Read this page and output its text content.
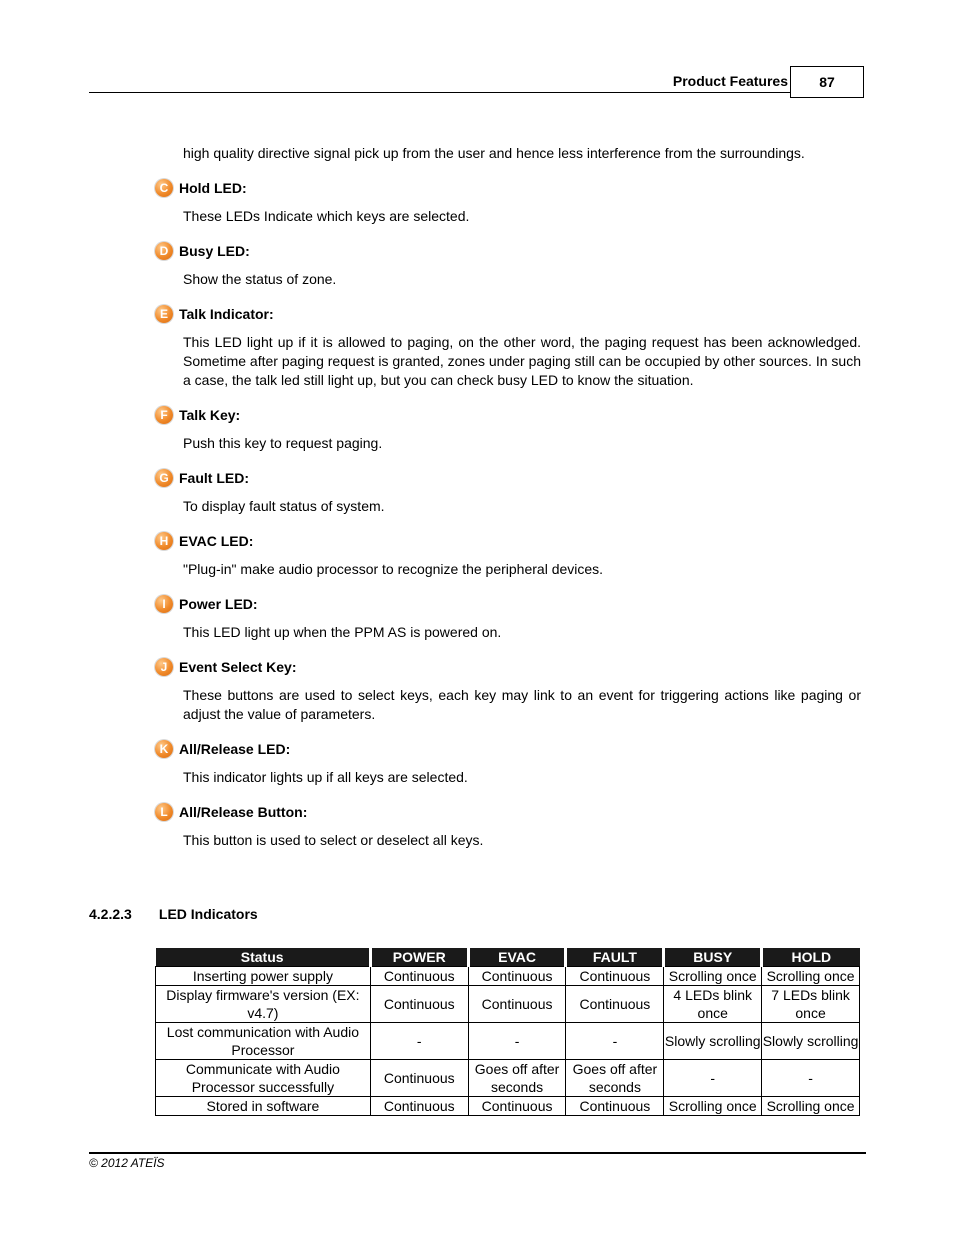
Product Features	87

high quality directive signal pick up from the user and hence less interference from the surroundings.

C Hold LED:
These LEDs Indicate which keys are selected.
D Busy LED:
Show the status of zone.
E Talk Indicator:
This LED light up if it is allowed to paging, on the other word, the paging request has been acknowledged. Sometime after paging request is granted, zones under paging still can be occupied by other sources. In such a case, the talk led still light up, but you can check busy LED to know the situation.
F Talk Key:
Push this key to request paging.
G Fault LED:
To display fault status of system.
H EVAC LED:
"Plug-in" make audio processor to recognize the peripheral devices.
I Power LED:
This LED light up when the PPM AS is powered on.
J Event Select Key:
These buttons are used to select keys, each key may link to an event for triggering actions like paging or adjust the value of parameters.
K All/Release LED:
This indicator lights up if all keys are selected.
L All/Release Button:
This button is used to select or deselect all keys.
4.2.2.3 LED Indicators
Status	POWER	EVAC	FAULT	BUSY	HOLD
Inserting power supply	Continuous	Continuous	Continuous	Scrolling once	Scrolling once
Display firmware's version (EX: v4.7)	Continuous	Continuous	Continuous	4 LEDs blink once	7 LEDs blink once
Lost communication with Audio Processor	-	-	-	Slowly scrolling	Slowly scrolling
Communicate with Audio Processor successfully	Continuous	Goes off after seconds	Goes off after seconds	-	-
Stored in software	Continuous	Continuous	Continuous	Scrolling once	Scrolling once
© 2012 ATEÏS
